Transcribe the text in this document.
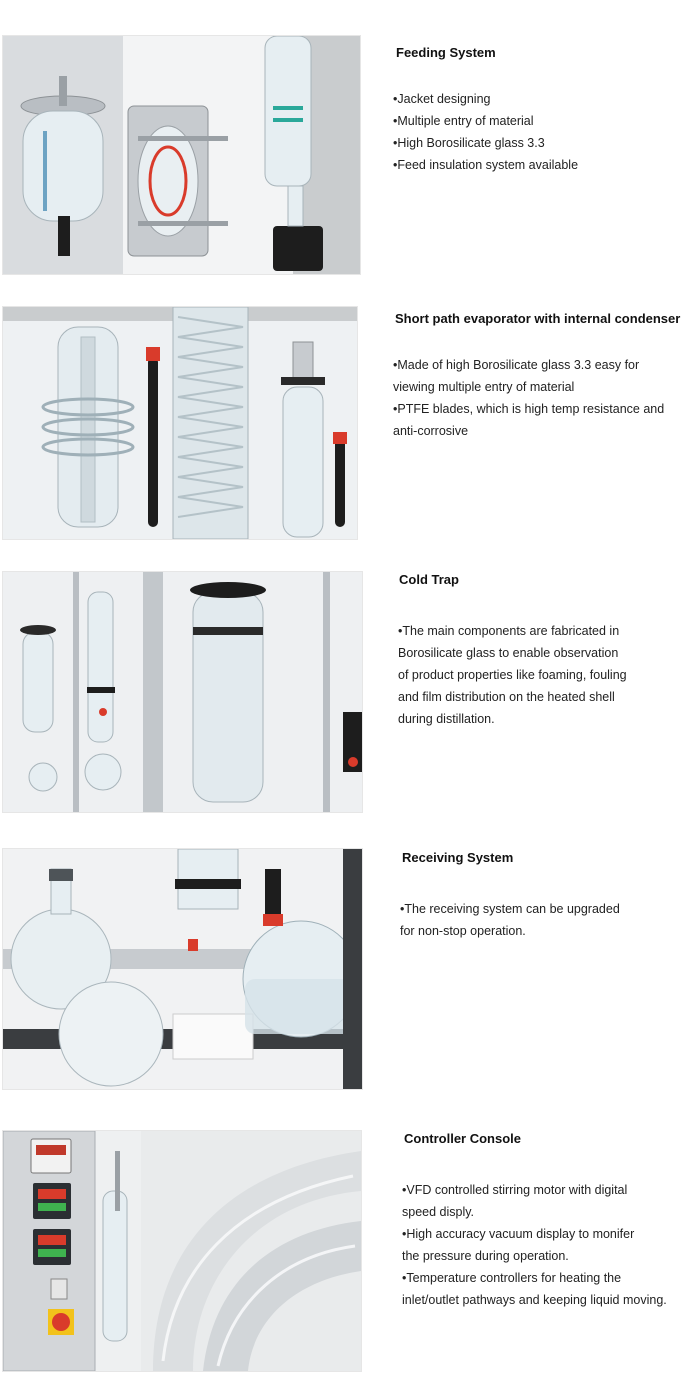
Feeding System
•Jacket designing
•Multiple entry of material
•High Borosilicate glass 3.3
•Feed insulation system available
Short path evaporator with internal condenser
•Made of high Borosilicate glass 3.3 easy for
viewing multiple entry of material
•PTFE blades, which is high temp resistance and
anti-corrosive
Cold Trap
•The main components are fabricated in
Borosilicate glass to enable observation
of product properties like foaming, fouling
and film distribution on the heated shell
during distillation.
Receiving System
•The receiving system can be upgraded
for non-stop operation.
Controller Console
•VFD controlled stirring motor with digital
speed disply.
•High accuracy vacuum display to monifer
the pressure during operation.
•Temperature controllers for heating the
inlet/outlet pathways and keeping liquid moving.
